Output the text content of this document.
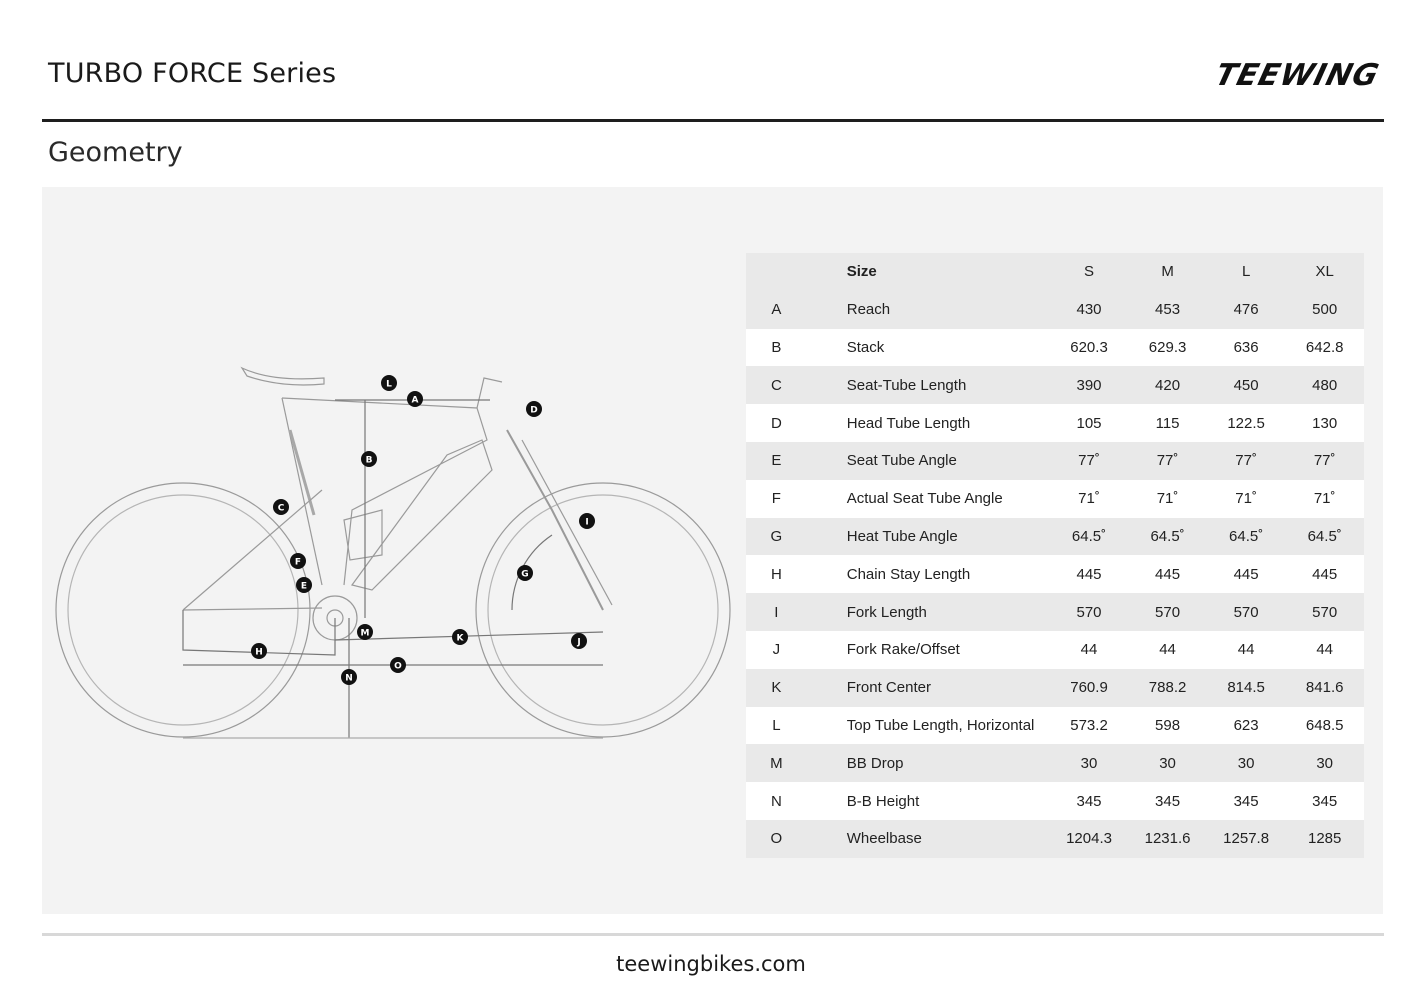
TURBO FORCE Series	TEEWING
Geometry
L
A
D
B
C
I
F
G
E
M	K	J
H
O
N
	Size	S	M	L	XL
A	Reach	430	453	476	500
B	Stack	620.3	629.3	636	642.8
C	Seat-Tube Length	390	420	450	480
D	Head Tube Length	105	115	122.5	130
E	Seat Tube Angle	77˚	77˚	77˚	77˚
F	Actual Seat Tube Angle	71˚	71˚	71˚	71˚
G	Heat Tube Angle	64.5˚	64.5˚	64.5˚	64.5˚
H	Chain Stay Length	445	445	445	445
I	Fork Length	570	570	570	570
J	Fork Rake/Offset	44	44	44	44
K	Front Center	760.9	788.2	814.5	841.6
L	Top Tube Length, Horizontal	573.2	598	623	648.5
M	BB Drop	30	30	30	30
N	B-B Height	345	345	345	345
O	Wheelbase	1204.3	1231.6	1257.8	1285
teewingbikes.com
